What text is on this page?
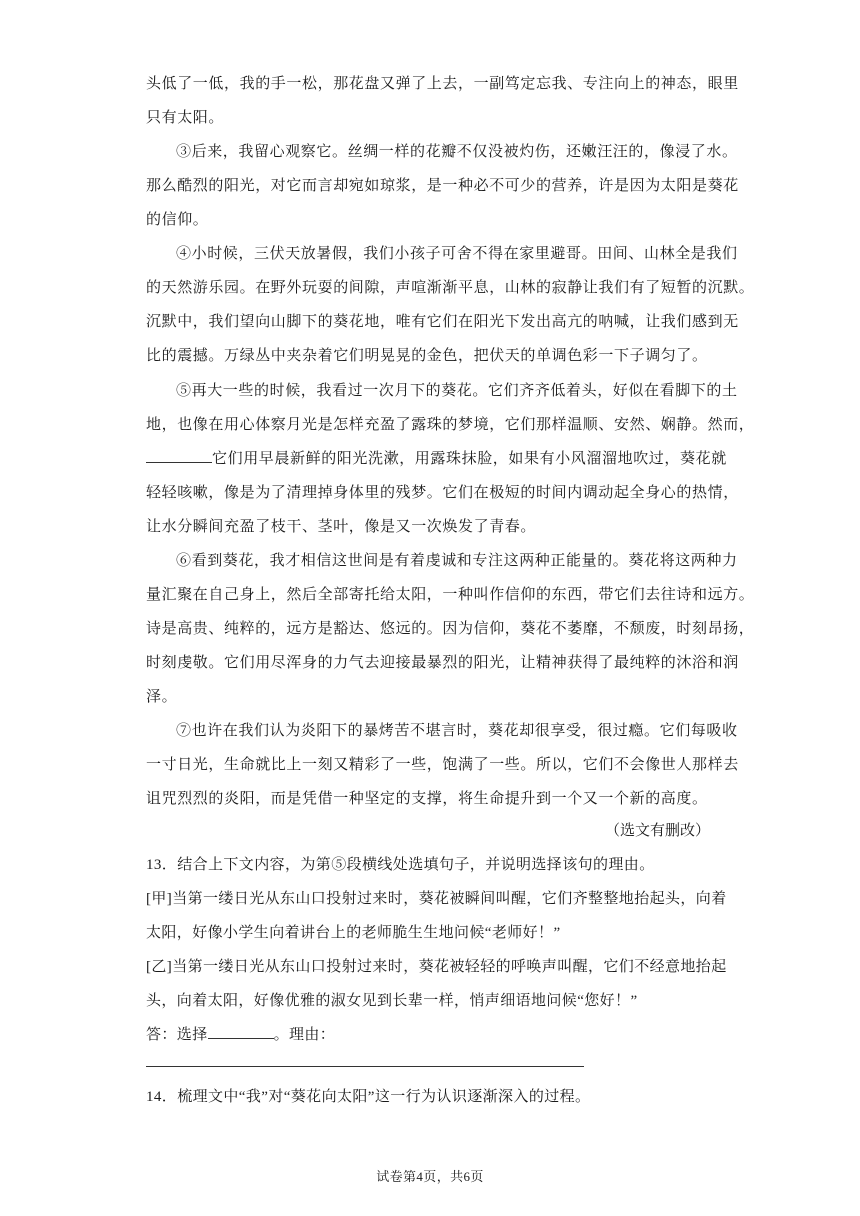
头低了一低，我的手一松，那花盘又弹了上去，一副笃定忘我、专注向上的神态，眼里
只有太阳。
③后来，我留心观察它。丝绸一样的花瓣不仅没被灼伤，还嫩汪汪的，像浸了水。
那么酷烈的阳光，对它而言却宛如琼浆，是一种必不可少的营养，许是因为太阳是葵花
的信仰。
④小时候，三伏天放暑假，我们小孩子可舍不得在家里避哥。田间、山林全是我们
的天然游乐园。在野外玩耍的间隙，声喧渐渐平息，山林的寂静让我们有了短暂的沉默。
沉默中，我们望向山脚下的葵花地，唯有它们在阳光下发出高亢的呐喊，让我们感到无
比的震撼。万绿丛中夹杂着它们明晃晃的金色，把伏天的单调色彩一下子调匀了。
⑤再大一些的时候，我看过一次月下的葵花。它们齐齐低着头，好似在看脚下的土
地，也像在用心体察月光是怎样充盈了露珠的梦境，它们那样温顺、安然、娴静。然而，
它们用早晨新鲜的阳光洗漱，用露珠抹脸，如果有小风溜溜地吹过，葵花就
轻轻咳嗽，像是为了清理掉身体里的残梦。它们在极短的时间内调动起全身心的热情，
让水分瞬间充盈了枝干、茎叶，像是又一次焕发了青春。
⑥看到葵花，我才相信这世间是有着虔诚和专注这两种正能量的。葵花将这两种力
量汇聚在自己身上，然后全部寄托给太阳，一种叫作信仰的东西，带它们去往诗和远方。
诗是高贵、纯粹的，远方是豁达、悠远的。因为信仰，葵花不萎靡，不颓废，时刻昂扬，
时刻虔敬。它们用尽浑身的力气去迎接最暴烈的阳光，让精神获得了最纯粹的沐浴和润
泽。
⑦也许在我们认为炎阳下的暴烤苦不堪言时，葵花却很享受，很过瘾。它们每吸收
一寸日光，生命就比上一刻又精彩了一些，饱满了一些。所以，它们不会像世人那样去
诅咒烈烈的炎阳，而是凭借一种坚定的支撑，将生命提升到一个又一个新的高度。
（选文有删改）
13．结合上下文内容，为第⑤段横线处选填句子，并说明选择该句的理由。
[甲]当第一缕日光从东山口投射过来时，葵花被瞬间叫醒，它们齐整整地抬起头，向着
太阳，好像小学生向着讲台上的老师脆生生地问候“老师好！”
[乙]当第一缕日光从东山口投射过来时，葵花被轻轻的呼唤声叫醒，它们不经意地抬起
头，向着太阳，好像优雅的淑女见到长辈一样，悄声细语地问候“您好！”
答：选择	。理由：
14．梳理文中“我”对“葵花向太阳”这一行为认识逐渐深入的过程。
试卷第4页，共6页
